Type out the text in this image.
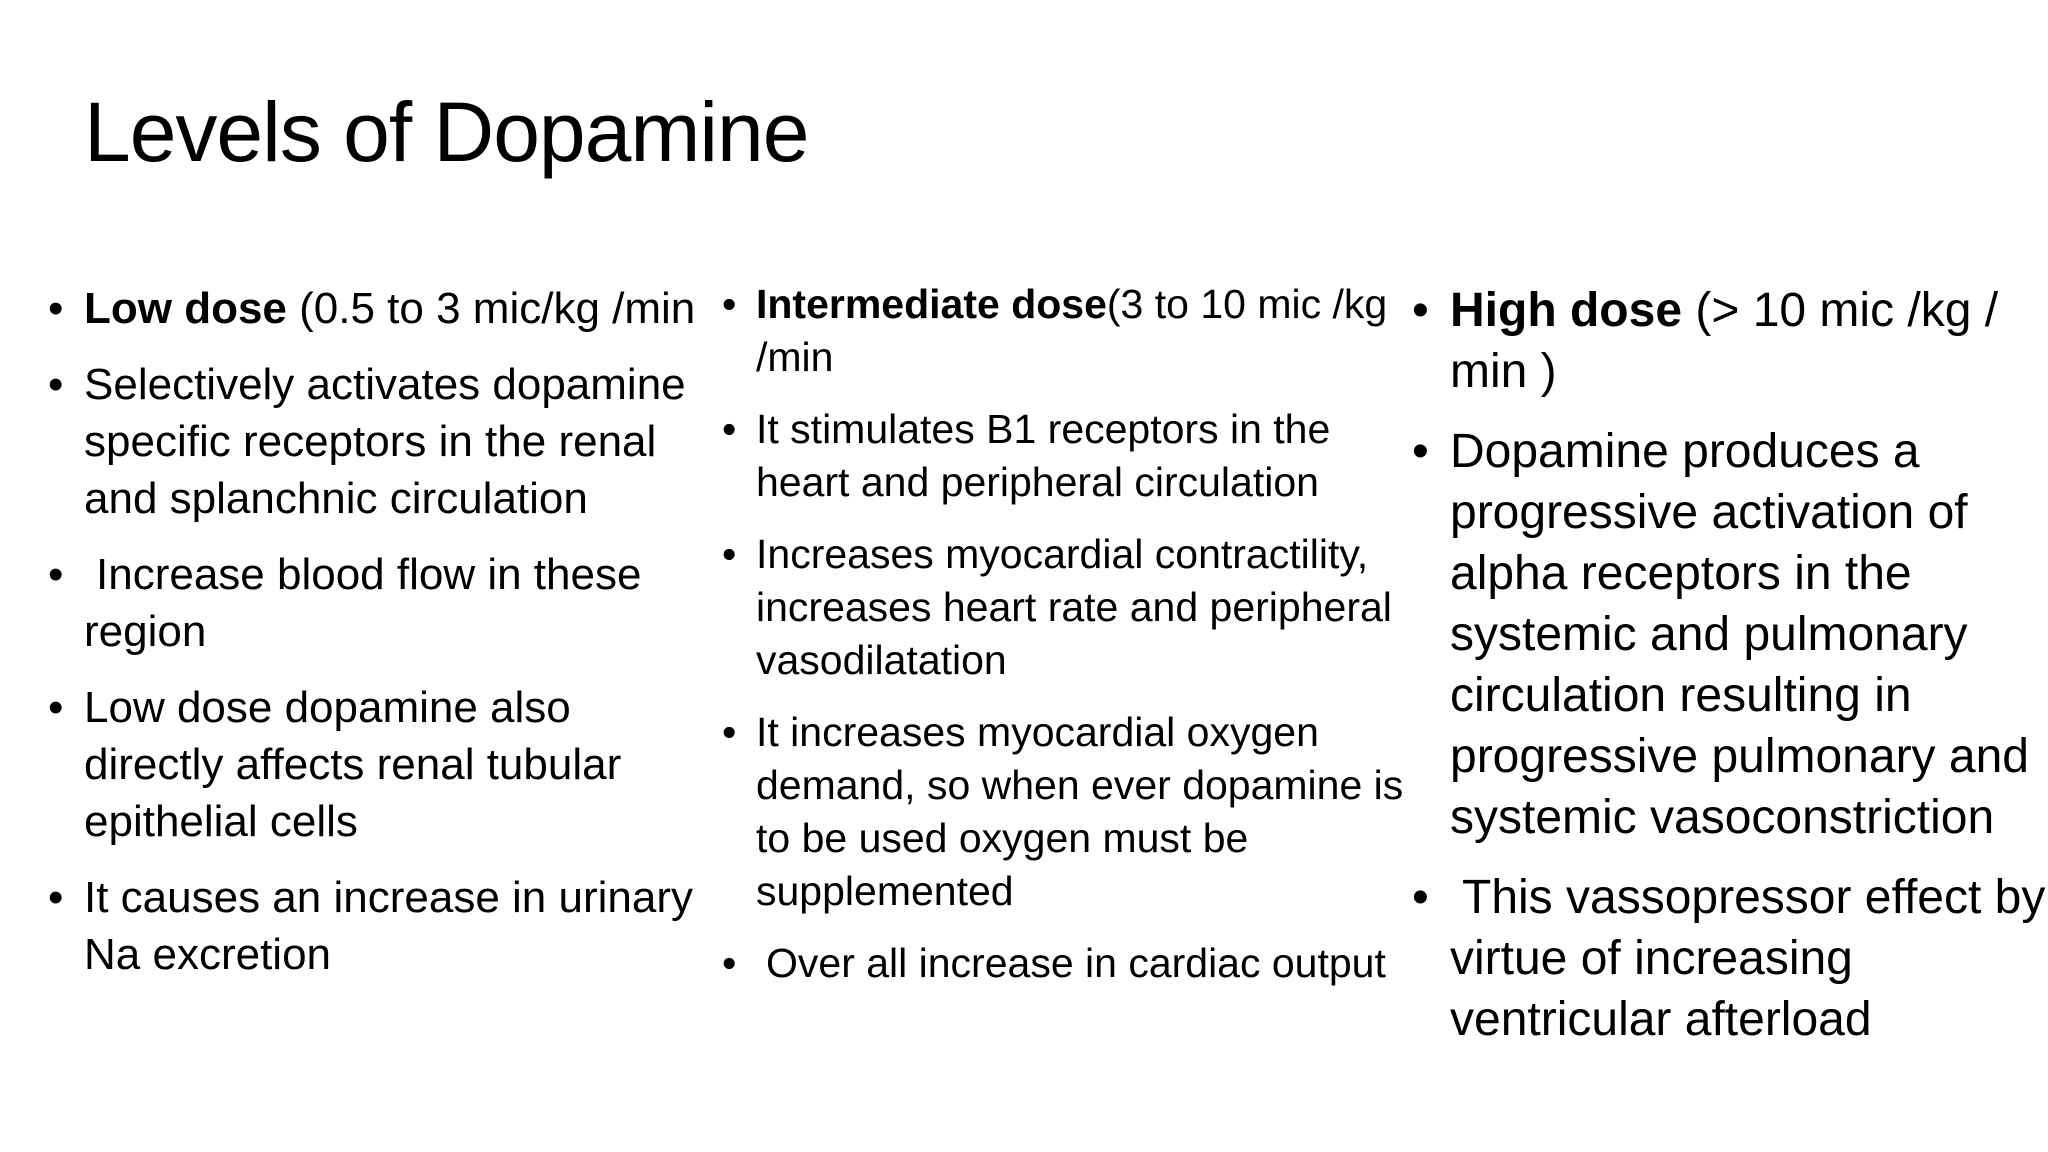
Levels of Dopamine
• Low dose (0.5 to 3 mic/kg /min
• Selectively activates dopamine specific receptors in the renal and splanchnic circulation
• Increase blood flow in these region
• Low dose dopamine also directly affects renal tubular epithelial cells
• It causes an increase in urinary Na excretion
• Intermediate dose(3 to 10 mic /kg /min
• It stimulates B1 receptors in the heart and peripheral circulation
• Increases myocardial contractility, increases heart rate and peripheral vasodilatation
• It increases myocardial oxygen demand, so when ever dopamine is to be used oxygen must be supplemented
• Over all increase in cardiac output
• High dose (> 10 mic /kg / min )
• Dopamine produces a progressive activation of alpha receptors in the systemic and pulmonary circulation resulting in progressive pulmonary and systemic vasoconstriction
• This vassopressor effect by virtue of increasing ventricular afterload
